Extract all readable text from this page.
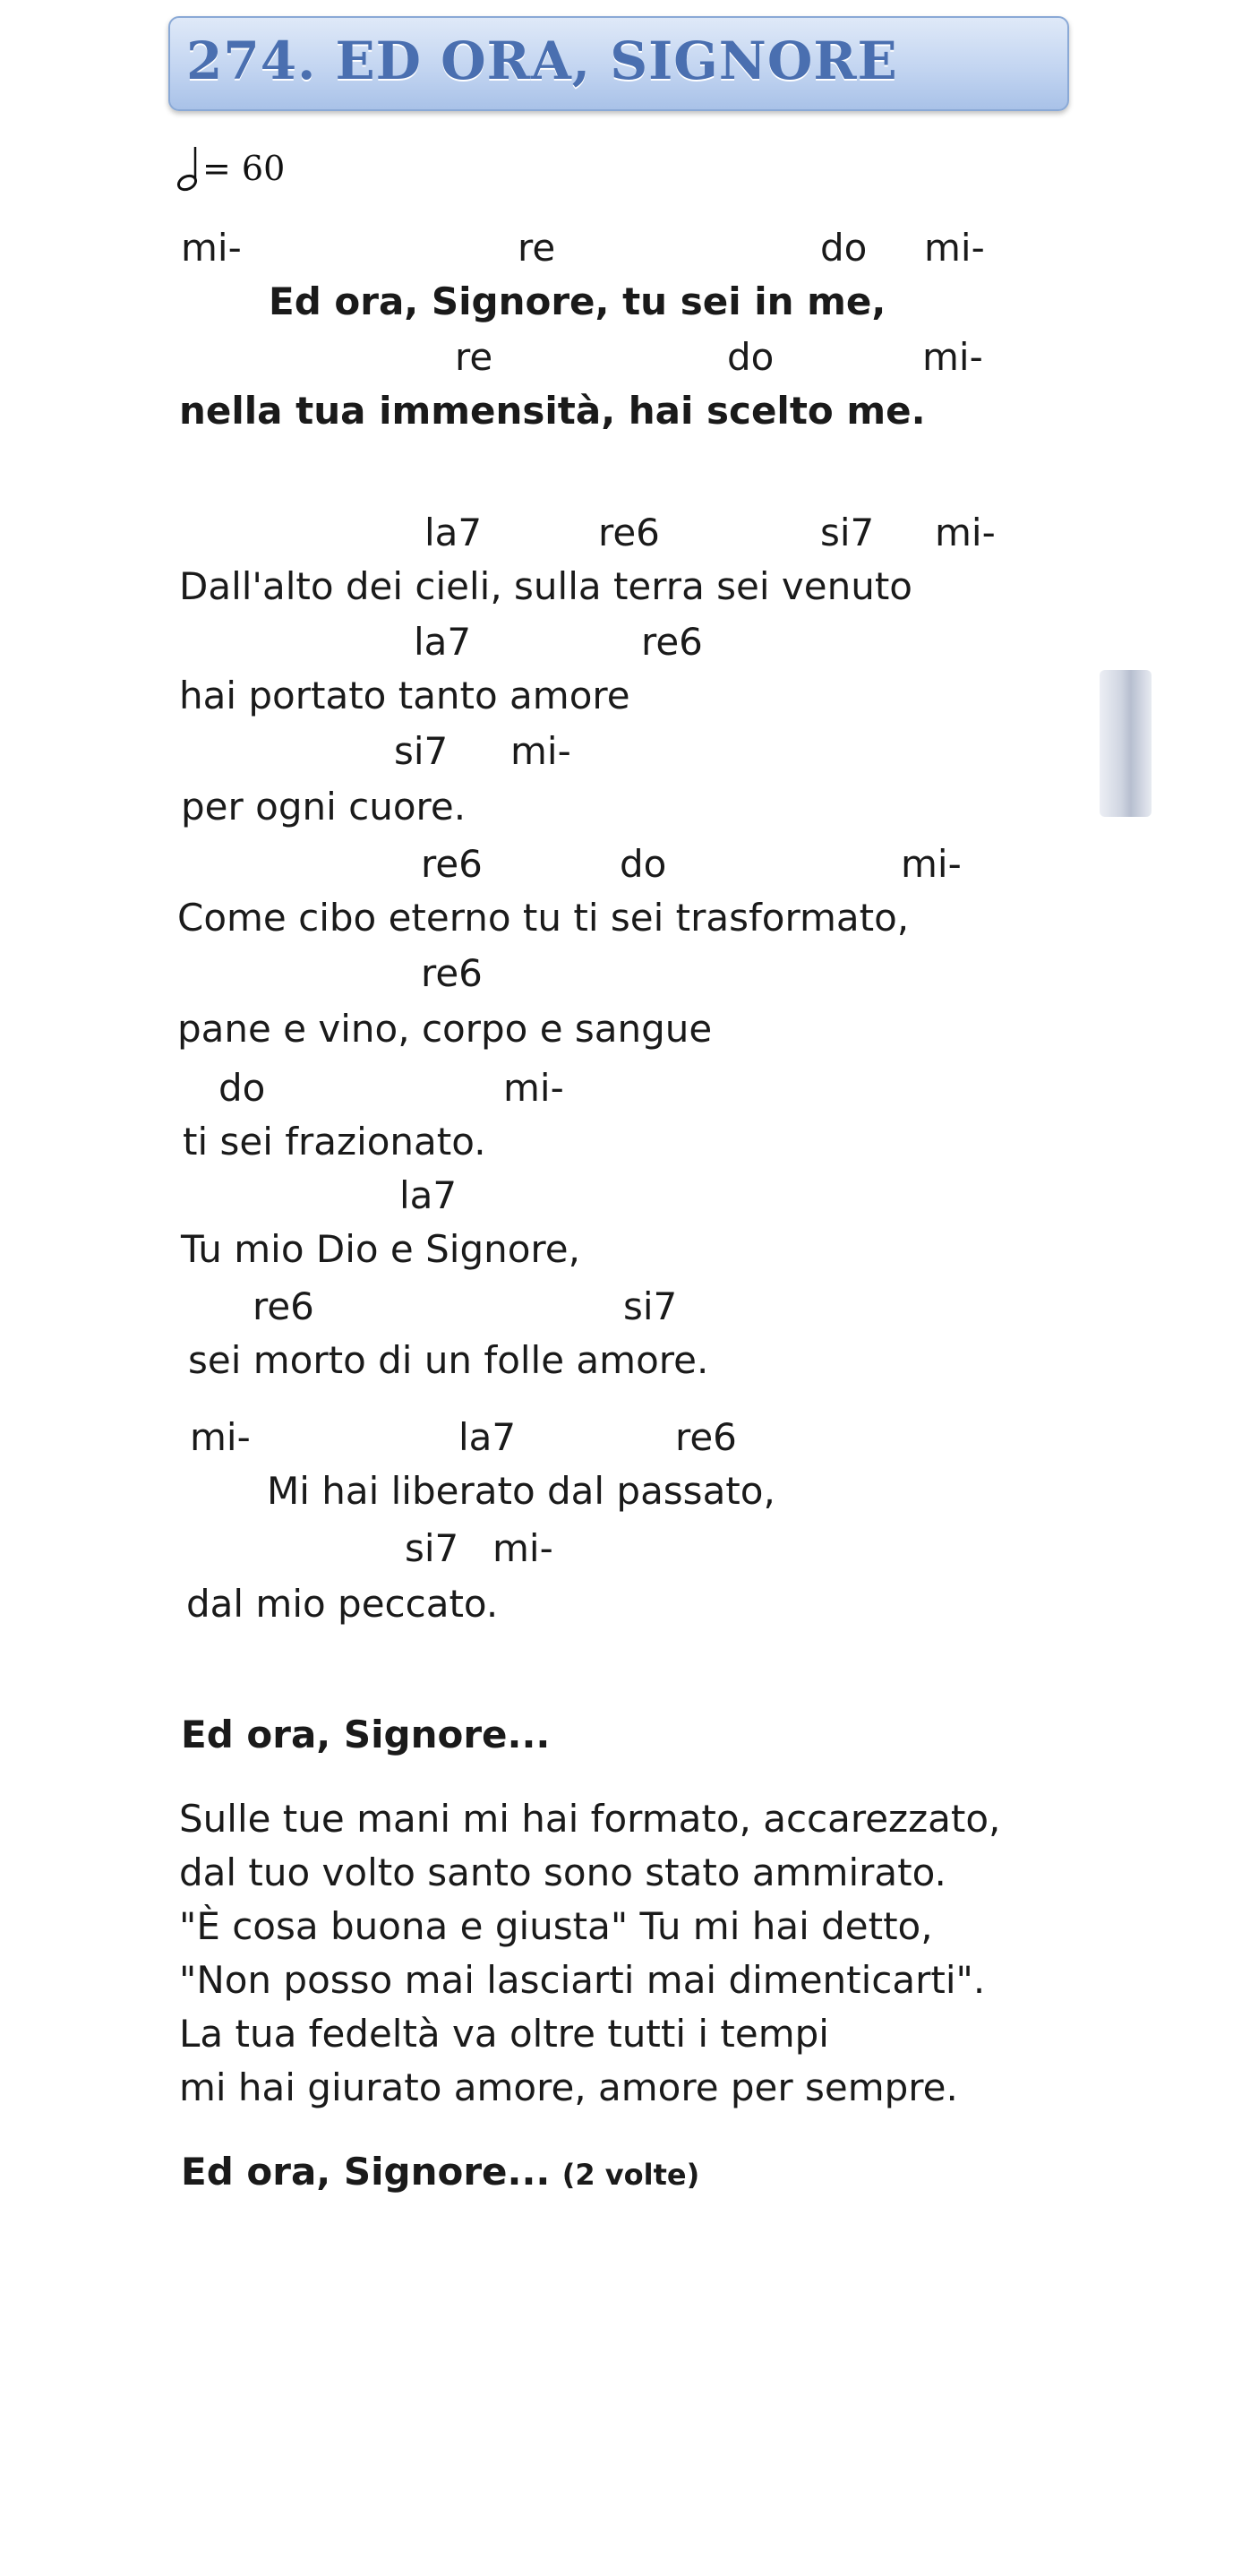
274. ED ORA, SIGNORE
= 60
mi-	re	do mi-
Ed ora, Signore, tu sei in me,
re	do	mi-
nella tua immensità, hai scelto me.
la7	re6	si7 mi-
Dall'alto dei cieli, sulla terra sei venuto
la7	re6
hai portato tanto amore
si7 mi-
per ogni cuore.
re6	do	mi-
Come cibo eterno tu ti sei trasformato,
re6
pane e vino, corpo e sangue
do	mi-
ti sei frazionato.
la7
Tu mio Dio e Signore,
re6	si7
sei morto di un folle amore.
mi-	la7	re6
Mi hai liberato dal passato,
si7 mi-
dal mio peccato.
Ed ora, Signore...
Sulle tue mani mi hai formato, accarezzato,
dal tuo volto santo sono stato ammirato.
"È cosa buona e giusta" Tu mi hai detto,
"Non posso mai lasciarti mai dimenticarti".
La tua fedeltà va oltre tutti i tempi
mi hai giurato amore, amore per sempre.
Ed ora, Signore... (2 volte)
